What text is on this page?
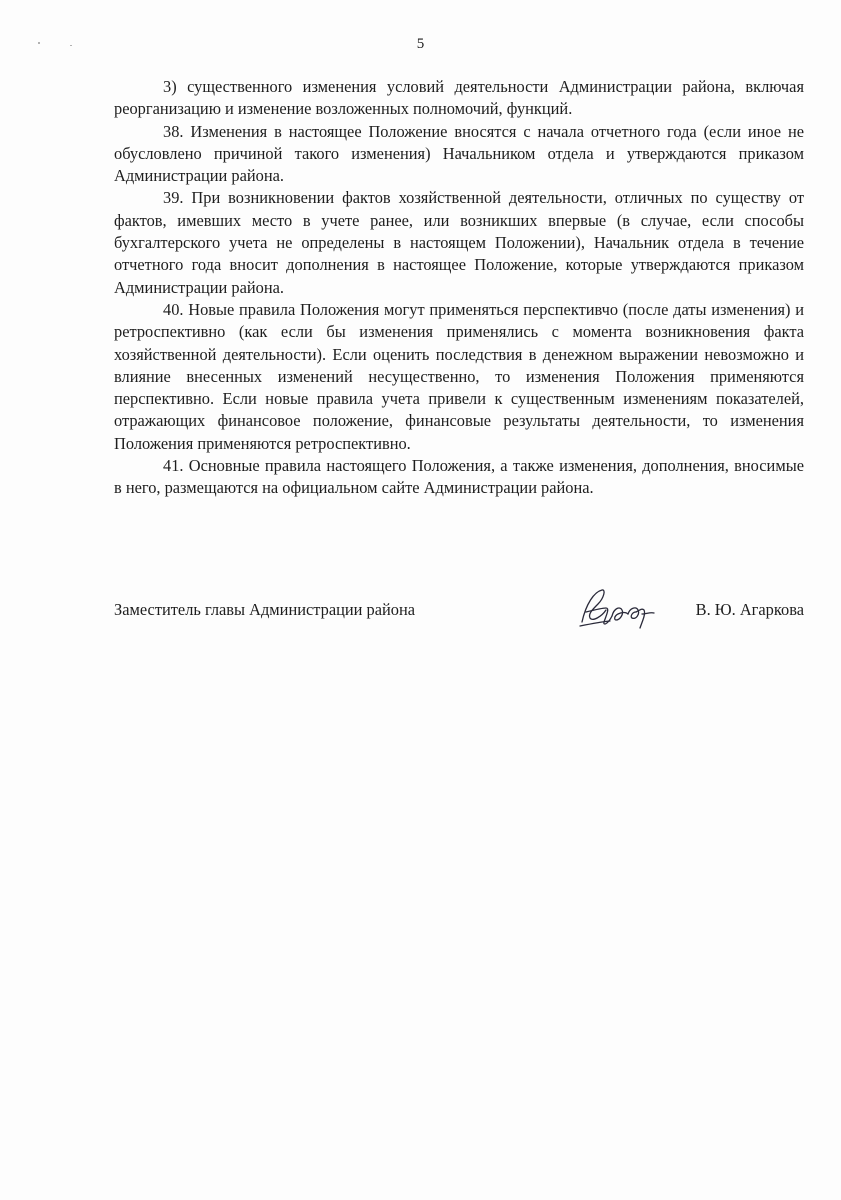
5

3) существенного изменения условий деятельности Администрации района, включая реорганизацию и изменение возложенных полномочий, функций.

38. Изменения в настоящее Положение вносятся с начала отчетного года (если иное не обусловлено причиной такого изменения) Начальником отдела и утверждаются приказом Администрации района.

39. При возникновении фактов хозяйственной деятельности, отличных по существу от фактов, имевших место в учете ранее, или возникших впервые (в случае, если способы бухгалтерского учета не определены в настоящем Положении), Начальник отдела в течение отчетного года вносит дополнения в настоящее Положение, которые утверждаются приказом Администрации района.

40. Новые правила Положения могут применяться перспективчо (после даты изменения) и ретроспективно (как если бы изменения применялись с момента возникновения факта хозяйственной деятельности). Если оценить последствия в денежном выражении невозможно и влияние внесенных изменений несущественно, то изменения Положения применяются перспективно. Если новые правила учета привели к существенным изменениям показателей, отражающих финансовое положение, финансовые результаты деятельности, то изменения Положения применяются ретроспективно.

41. Основные правила настоящего Положения, а также изменения, дополнения, вносимые в него, размещаются на официальном сайте Администрации района.

Заместитель главы Администрации района	В. Ю. Агаркова
